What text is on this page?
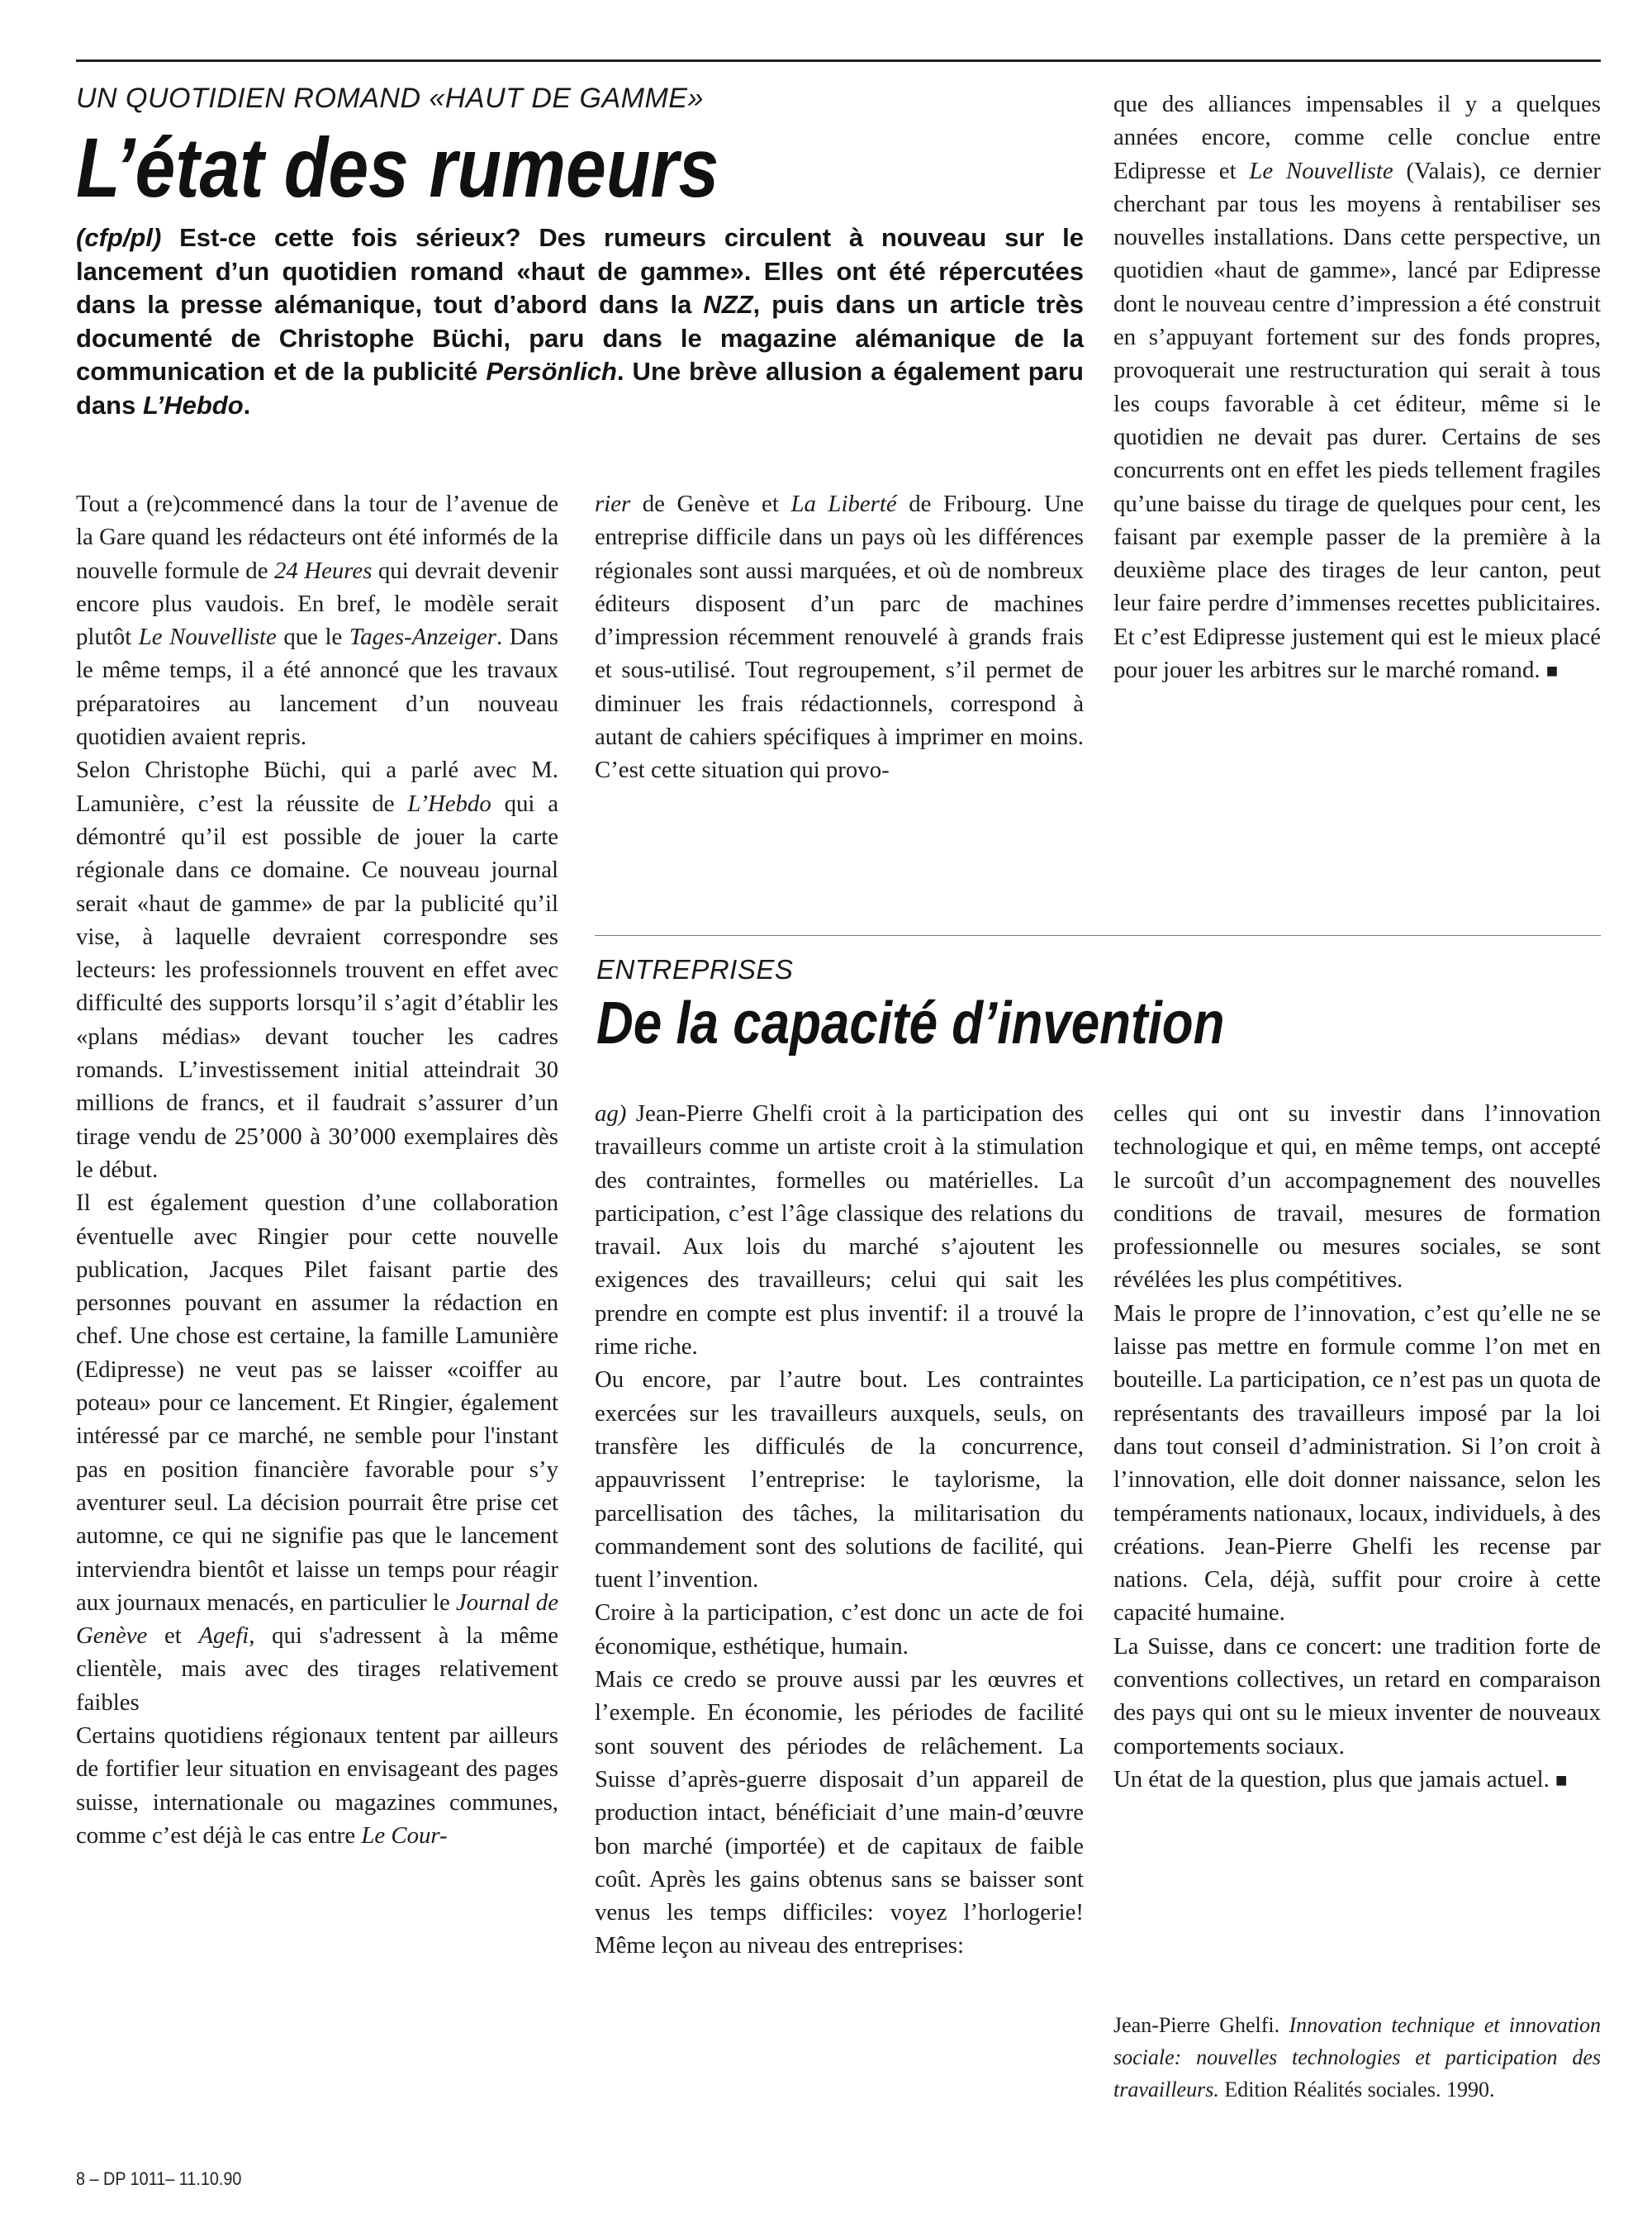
UN QUOTIDIEN ROMAND «HAUT DE GAMME»

L’état des rumeurs

(cfp/pl) Est-ce cette fois sérieux? Des rumeurs circulent à nouveau sur le lancement d’un quotidien romand «haut de gamme». Elles ont été répercutées dans la presse alémanique, tout d’abord dans la NZZ, puis dans un article très documenté de Christophe Büchi, paru dans le magazine alémanique de la communication et de la publicité Persönlich. Une brève allusion a également paru dans L’Hebdo.

Tout a (re)commencé dans la tour de l’avenue de la Gare quand les rédacteurs ont été informés de la nouvelle formule de 24 Heures qui devrait devenir encore plus vaudois. En bref, le modèle serait plutôt Le Nouvelliste que le Tages-Anzeiger. Dans le même temps, il a été annoncé que les travaux préparatoires au lancement d’un nouveau quotidien avaient repris.

Selon Christophe Büchi, qui a parlé avec M. Lamunière, c’est la réussite de L’Hebdo qui a démontré qu’il est possible de jouer la carte régionale dans ce domaine. Ce nouveau journal serait «haut de gamme» de par la publicité qu’il vise, à laquelle devraient correspondre ses lecteurs: les professionnels trouvent en effet avec difficulté des supports lorsqu’il s’agit d’établir les «plans médias» devant toucher les cadres romands. L’investissement initial atteindrait 30 millions de francs, et il faudrait s’assurer d’un tirage vendu de 25’000 à 30’000 exemplaires dès le début.

Il est également question d’une collaboration éventuelle avec Ringier pour cette nouvelle publication, Jacques Pilet faisant partie des personnes pouvant en assumer la rédaction en chef. Une chose est certaine, la famille Lamunière (Edipresse) ne veut pas se laisser «coiffer au poteau» pour ce lancement. Et Ringier, également intéressé par ce marché, ne semble pour l'instant pas en position financière favorable pour s’y aventurer seul. La décision pourrait être prise cet automne, ce qui ne signifie pas que le lancement interviendra bientôt et laisse un temps pour réagir aux journaux menacés, en particulier le Journal de Genève et Agefi, qui s'adressent à la même clientèle, mais avec des tirages relativement faibles

Certains quotidiens régionaux tentent par ailleurs de fortifier leur situation en envisageant des pages suisse, internationale ou magazines communes, comme c’est déjà le cas entre Le Cour-

rier de Genève et La Liberté de Fribourg. Une entreprise difficile dans un pays où les différences régionales sont aussi marquées, et où de nombreux éditeurs disposent d’un parc de machines d’impression récemment renouvelé à grands frais et sous-utilisé. Tout regroupement, s’il permet de diminuer les frais rédactionnels, correspond à autant de cahiers spécifiques à imprimer en moins. C’est cette situation qui provo-

que des alliances impensables il y a quelques années encore, comme celle conclue entre Edipresse et Le Nouvelliste (Valais), ce dernier cherchant par tous les moyens à rentabiliser ses nouvelles installations. Dans cette perspective, un quotidien «haut de gamme», lancé par Edipresse dont le nouveau centre d’impression a été construit en s’appuyant fortement sur des fonds propres, provoquerait une restructuration qui serait à tous les coups favorable à cet éditeur, même si le quotidien ne devait pas durer. Certains de ses concurrents ont en effet les pieds tellement fragiles qu’une baisse du tirage de quelques pour cent, les faisant par exemple passer de la première à la deuxième place des tirages de leur canton, peut leur faire perdre d’immenses recettes publicitaires. Et c’est Edipresse justement qui est le mieux placé pour jouer les arbitres sur le marché romand. ■

ENTREPRISES

De la capacité d’invention

ag) Jean-Pierre Ghelfi croit à la participation des travailleurs comme un artiste croit à la stimulation des contraintes, formelles ou matérielles. La participation, c’est l’âge classique des relations du travail. Aux lois du marché s’ajoutent les exigences des travailleurs; celui qui sait les prendre en compte est plus inventif: il a trouvé la rime riche.

Ou encore, par l’autre bout. Les contraintes exercées sur les travailleurs auxquels, seuls, on transfère les difficulés de la concurrence, appauvrissent l’entreprise: le taylorisme, la parcellisation des tâches, la militarisation du commandement sont des solutions de facilité, qui tuent l’invention.

Croire à la participation, c’est donc un acte de foi économique, esthétique, humain.

Mais ce credo se prouve aussi par les œuvres et l’exemple. En économie, les périodes de facilité sont souvent des périodes de relâchement. La Suisse d’après-guerre disposait d’un appareil de production intact, bénéficiait d’une main-d’œuvre bon marché (importée) et de capitaux de faible coût. Après les gains obtenus sans se baisser sont venus les temps difficiles: voyez l’horlogerie! Même leçon au niveau des entreprises:

celles qui ont su investir dans l’innovation technologique et qui, en même temps, ont accepté le surcoût d’un accompagnement des nouvelles conditions de travail, mesures de formation professionnelle ou mesures sociales, se sont révélées les plus compétitives.

Mais le propre de l’innovation, c’est qu’elle ne se laisse pas mettre en formule comme l’on met en bouteille. La participation, ce n’est pas un quota de représentants des travailleurs imposé par la loi dans tout conseil d’administration. Si l’on croit à l’innovation, elle doit donner naissance, selon les tempéraments nationaux, locaux, individuels, à des créations. Jean-Pierre Ghelfi les recense par nations. Cela, déjà, suffit pour croire à cette capacité humaine.

La Suisse, dans ce concert: une tradition forte de conventions collectives, un retard en comparaison des pays qui ont su le mieux inventer de nouveaux comportements sociaux.

Un état de la question, plus que jamais actuel. ■

Jean-Pierre Ghelfi. Innovation technique et innovation sociale: nouvelles technologies et participation des travailleurs. Edition Réalités sociales. 1990.

8 – DP 1011– 11.10.90
